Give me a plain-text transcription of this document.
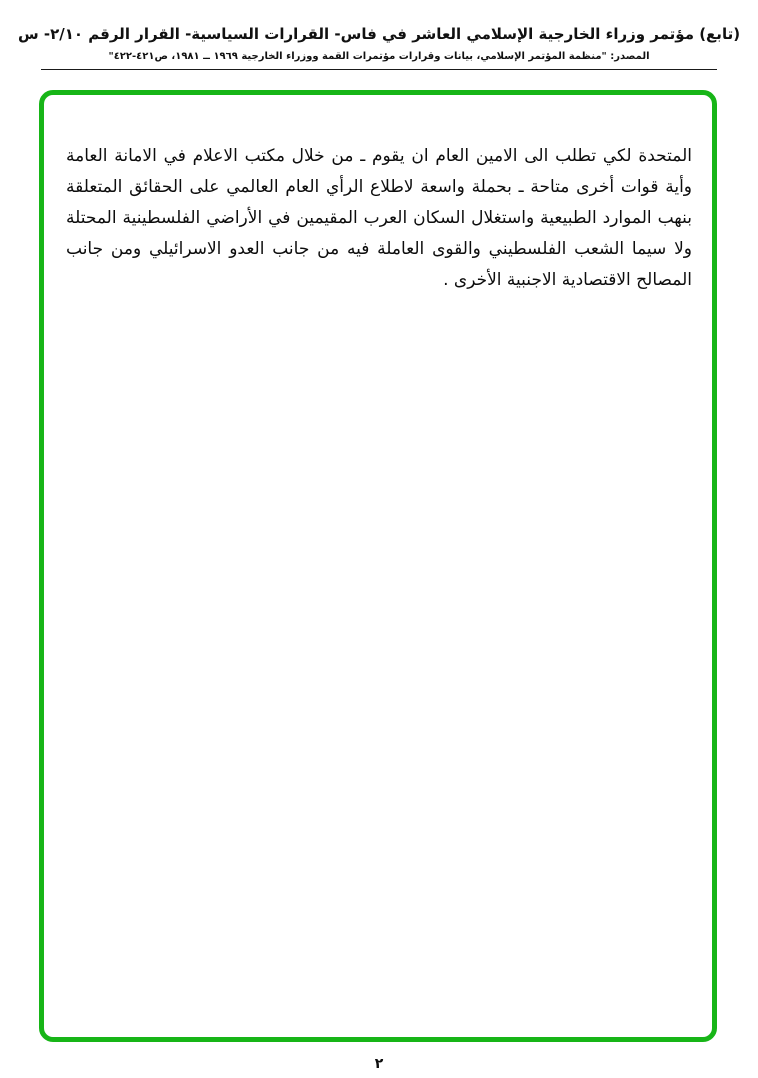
(تابع) مؤتمر وزراء الخارجية الإسلامي العاشر في فاس- القرارات السياسية- القرار الرقم ٢/١٠- س
المصدر: "منظمة المؤتمر الإسلامي، بيانات وقرارات مؤتمرات القمة ووزراء الخارجية ١٩٦٩ ــ ١٩٨١، ص٤٢١-٤٢٢"

المتحدة لكي تطلب الى الامين العام ان يقوم ـ من خلال مكتب الاعلام في الامانة العامة وأية قوات أخرى متاحة ـ بحملة واسعة لاطلاع الرأي العام العالمي على الحقائق المتعلقة بنهب الموارد الطبيعية واستغلال السكان العرب المقيمين في الأراضي الفلسطينية المحتلة ولا سيما الشعب الفلسطيني والقوى العاملة فيه من جانب العدو الاسرائيلي ومن جانب المصالح الاقتصادية الاجنبية الأخرى .

٢
